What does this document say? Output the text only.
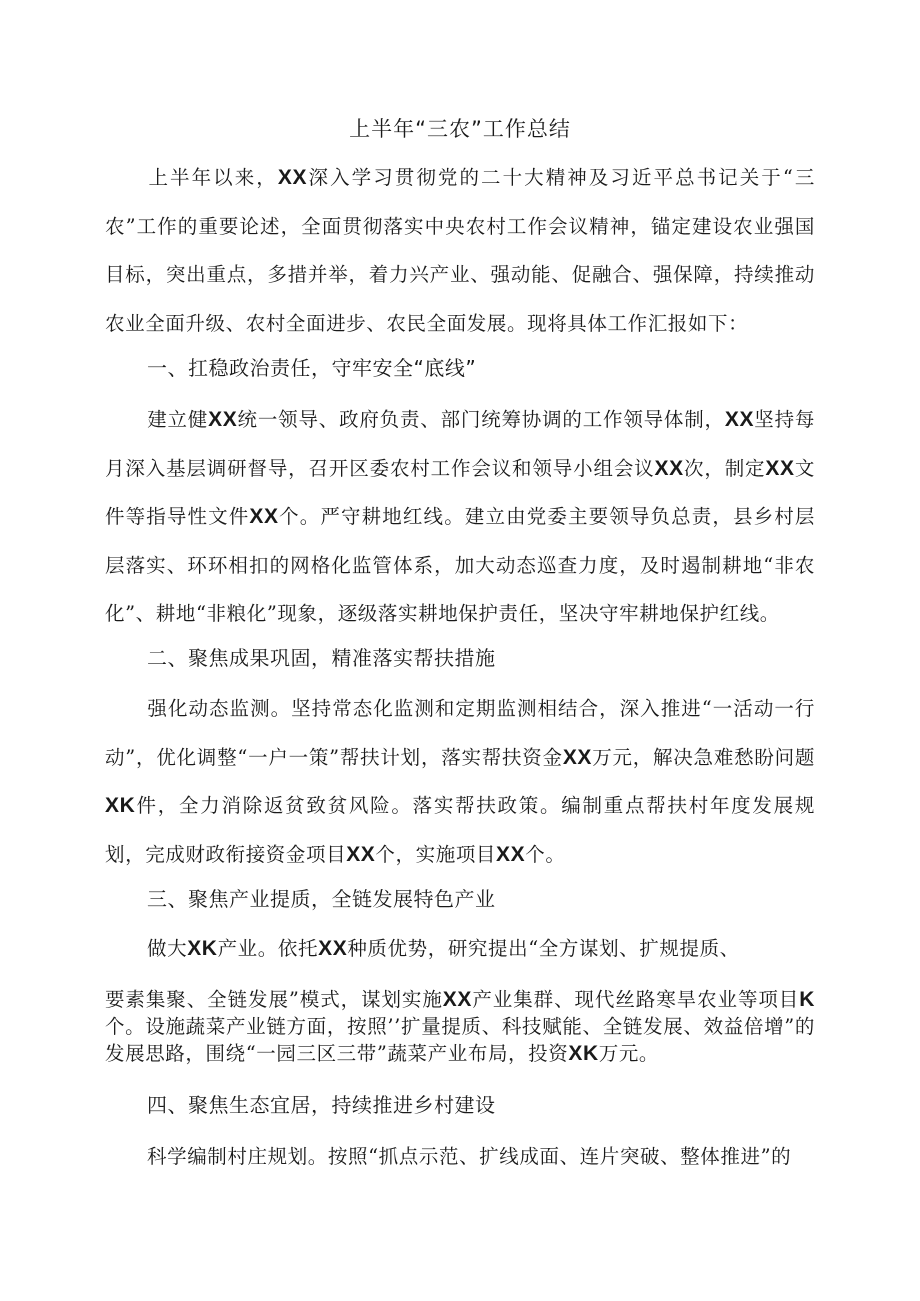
上半年“三农”工作总结

上半年以来，XX深入学习贯彻党的二十大精神及习近平总书记关于“三农”工作的重要论述，全面贯彻落实中央农村工作会议精神，锚定建设农业强国目标，突出重点，多措并举，着力兴产业、强动能、促融合、强保障，持续推动农业全面升级、农村全面进步、农民全面发展。现将具体工作汇报如下：

一、扛稳政治责任，守牢安全“底线”

建立健XX统一领导、政府负责、部门统筹协调的工作领导体制，XX坚持每月深入基层调研督导，召开区委农村工作会议和领导小组会议XX次，制定XX文件等指导性文件XX个。严守耕地红线。建立由党委主要领导负总责，县乡村层层落实、环环相扣的网格化监管体系，加大动态巡查力度，及时遏制耕地“非农化”、耕地“非粮化”现象，逐级落实耕地保护责任，坚决守牢耕地保护红线。

二、聚焦成果巩固，精准落实帮扶措施

强化动态监测。坚持常态化监测和定期监测相结合，深入推进“一活动一行动”，优化调整“一户一策”帮扶计划，落实帮扶资金XX万元，解决急难愁盼问题XK件，全力消除返贫致贫风险。落实帮扶政策。编制重点帮扶村年度发展规划，完成财政衔接资金项目XX个，实施项目XX个。

三、聚焦产业提质，全链发展特色产业

做大XK产业。依托XX种质优势，研究提出“全方谋划、扩规提质、

要素集聚、全链发展”模式，谋划实施XX产业集群、现代丝路寒旱农业等项目K个。设施蔬菜产业链方面，按照’’扩量提质、科技赋能、全链发展、效益倍增”的发展思路，围绕“一园三区三带”蔬菜产业布局，投资XK万元。

四、聚焦生态宜居，持续推进乡村建设

科学编制村庄规划。按照“抓点示范、扩线成面、连片突破、整体推进”的
